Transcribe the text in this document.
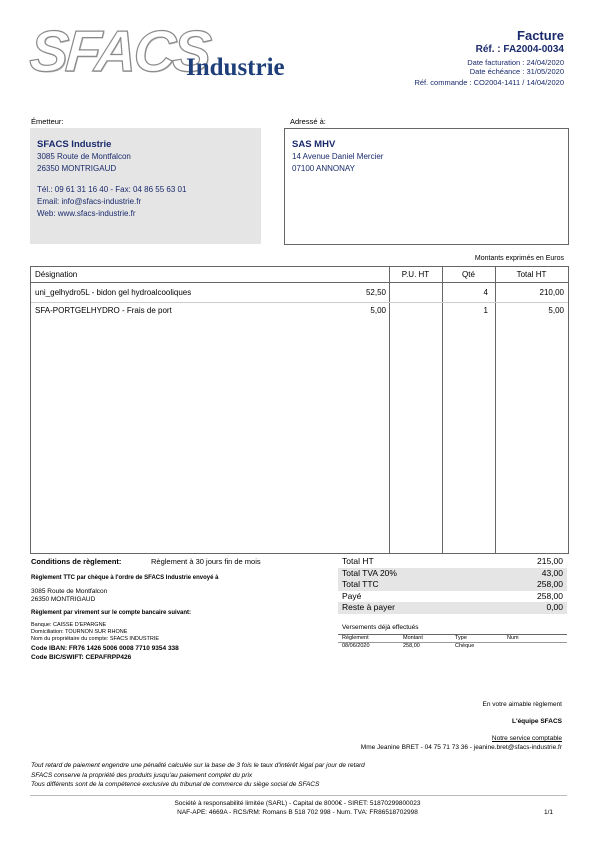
SFACS
Industrie
Facture
Réf. : FA2004-0034
Date facturation : 24/04/2020
Date échéance : 31/05/2020
Réf. commande : CO2004-1411 / 14/04/2020
Émetteur:	Adressé à:
SFACS Industrie
3085 Route de Montfalcon
26350 MONTRIGAUD
Tél.: 09 61 31 16 40 - Fax: 04 86 55 63 01
Email: info@sfacs-industrie.fr
Web: www.sfacs-industrie.fr
SAS MHV
14 Avenue Daniel Mercier
07100 ANNONAY
Montants exprimés en Euros
Désignation	P.U. HT	Qté	Total HT
uni_gelhydro5L - bidon gel hydroalcooliques	52,50	4	210,00
SFA-PORTGELHYDRO - Frais de port	5,00	1	5,00
Conditions de règlement:	Règlement à 30 jours fin de mois
Règlement TTC par chèque à l'ordre de SFACS Industrie envoyé à
3085 Route de Montfalcon
26350 MONTRIGAUD
Règlement par virement sur le compte bancaire suivant:
Banque: CAISSE D'EPARGNE
Domiciliation: TOURNON SUR RHONE
Nom du propriétaire du compte: SFACS INDUSTRIE
Code IBAN: FR76 1426 5006 0008 7710 9354 338
Code BIC/SWIFT: CEPAFRPP426
Total HT	215,00
Total TVA 20%	43,00
Total TTC	258,00
Payé	258,00
Reste à payer	0,00
Versements déjà effectués
Règlement	Montant	Type	Num
08/06/2020	258,00	Chèque
En votre aimable règlement
L'équipe SFACS
Notre service comptable
Mme Jeanine BRET - 04 75 71 73 36 - jeanine.bret@sfacs-industrie.fr
Tout retard de paiement engendre une pénalité calculée sur la base de 3 fois le taux d'intérêt légal par jour de retard
SFACS conserve la propriété des produits jusqu'au paiement complet du prix
Tous différents sont de la compétence exclusive du tribunal de commerce du siège social de SFACS
Société à responsabilité limitée (SARL) - Capital de 8000€ - SIRET: 51870299800023
NAF-APE: 4669A - RCS/RM: Romans B 518 702 998 - Num. TVA: FR86518702998	1/1
